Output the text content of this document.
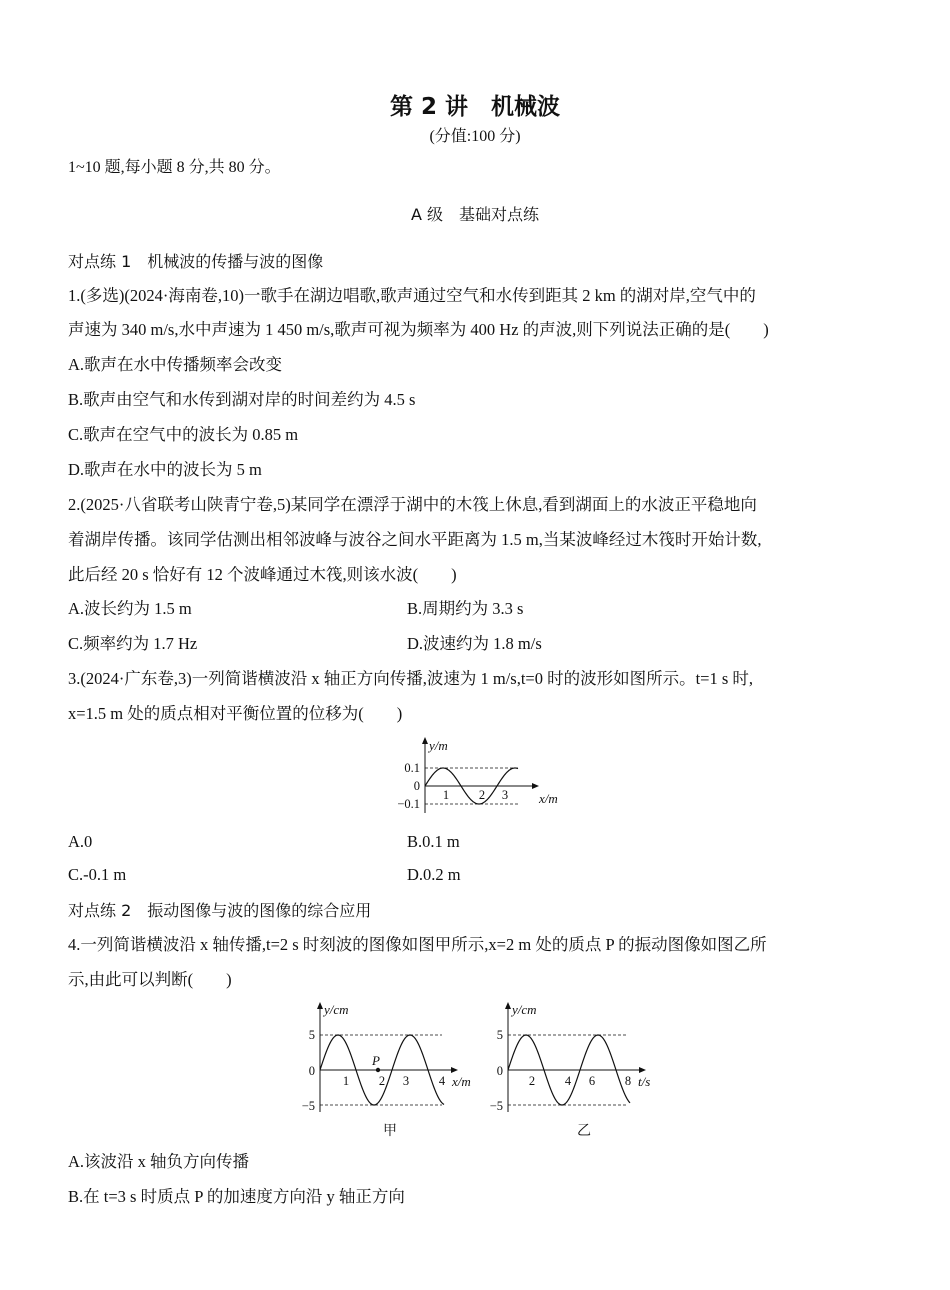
第 2 讲　机械波
(分值:100 分)
1~10 题,每小题 8 分,共 80 分。
A 级　基础对点练
对点练 1　机械波的传播与波的图像
1.(多选)(2024·海南卷,10)一歌手在湖边唱歌,歌声通过空气和水传到距其 2 km 的湖对岸,空气中的
声速为 340 m/s,水中声速为 1 450 m/s,歌声可视为频率为 400 Hz 的声波,则下列说法正确的是(　　)
A.歌声在水中传播频率会改变
B.歌声由空气和水传到湖对岸的时间差约为 4.5 s
C.歌声在空气中的波长为 0.85 m
D.歌声在水中的波长为 5 m
2.(2025·八省联考山陕青宁卷,5)某同学在漂浮于湖中的木筏上休息,看到湖面上的水波正平稳地向
着湖岸传播。该同学估测出相邻波峰与波谷之间水平距离为 1.5 m,当某波峰经过木筏时开始计数,
此后经 20 s 恰好有 12 个波峰通过木筏,则该水波(　　)
A.波长约为 1.5 m	B.周期约为 3.3 s
C.频率约为 1.7 Hz	D.波速约为 1.8 m/s
3.(2024·广东卷,3)一列简谐横波沿 x 轴正方向传播,波速为 1 m/s,t=0 时的波形如图所示。t=1 s 时,
x=1.5 m 处的质点相对平衡位置的位移为(　　)
y/m
x/m
0.1
0
−0.1
1 2 3
A.0	B.0.1 m
C.-0.1 m	D.0.2 m
对点练 2　振动图像与波的图像的综合应用
4.一列简谐横波沿 x 轴传播,t=2 s 时刻波的图像如图甲所示,x=2 m 处的质点 P 的振动图像如图乙所
示,由此可以判断(　　)
P
y/cm
x/m
5
0
−5
1 2 3 4
甲
y/cm
t/s
5
0
−5
2 4 6 8
乙
A.该波沿 x 轴负方向传播
B.在 t=3 s 时质点 P 的加速度方向沿 y 轴正方向
